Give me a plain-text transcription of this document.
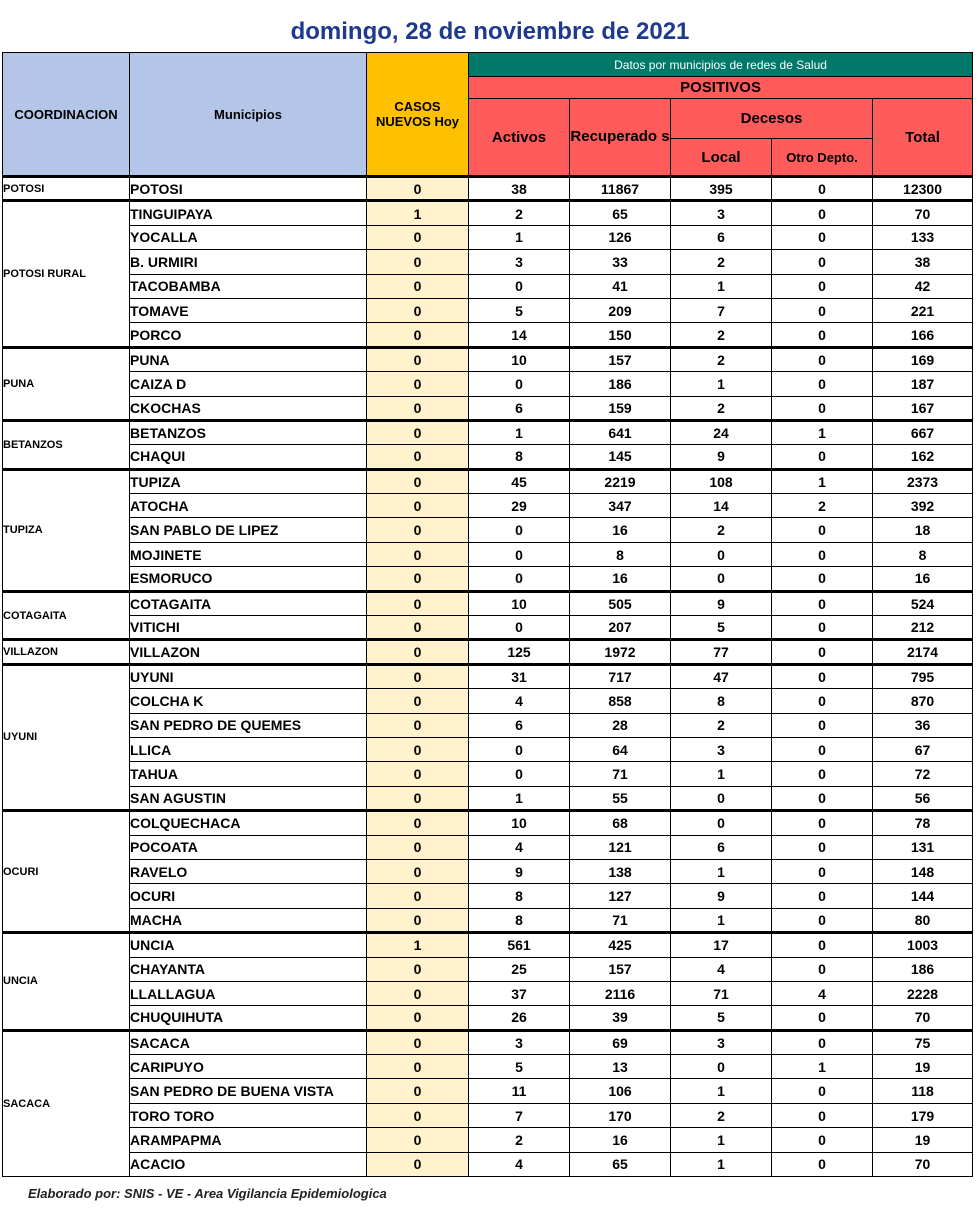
domingo, 28 de noviembre de 2021
COORDINACION	Municipios	CASOS NUEVOS Hoy	Datos por municipios de redes de Salud				
			POSITIVOS				
			Activos	Recuperado s	Decesos		Total
					Local	Otro Depto.	
POTOSI	POTOSI	0	38	11867	395	0	12300
POTOSI RURAL	TINGUIPAYA	1	2	65	3	0	70
	YOCALLA	0	1	126	6	0	133
	B. URMIRI	0	3	33	2	0	38
	TACOBAMBA	0	0	41	1	0	42
	TOMAVE	0	5	209	7	0	221
	PORCO	0	14	150	2	0	166
PUNA	PUNA	0	10	157	2	0	169
	CAIZA D	0	0	186	1	0	187
	CKOCHAS	0	6	159	2	0	167
BETANZOS	BETANZOS	0	1	641	24	1	667
	CHAQUI	0	8	145	9	0	162
TUPIZA	TUPIZA	0	45	2219	108	1	2373
	ATOCHA	0	29	347	14	2	392
	SAN PABLO DE LIPEZ	0	0	16	2	0	18
	MOJINETE	0	0	8	0	0	8
	ESMORUCO	0	0	16	0	0	16
COTAGAITA	COTAGAITA	0	10	505	9	0	524
	VITICHI	0	0	207	5	0	212
VILLAZON	VILLAZON	0	125	1972	77	0	2174
UYUNI	UYUNI	0	31	717	47	0	795
	COLCHA K	0	4	858	8	0	870
	SAN PEDRO DE QUEMES	0	6	28	2	0	36
	LLICA	0	0	64	3	0	67
	TAHUA	0	0	71	1	0	72
	SAN AGUSTIN	0	1	55	0	0	56
OCURI	COLQUECHACA	0	10	68	0	0	78
	POCOATA	0	4	121	6	0	131
	RAVELO	0	9	138	1	0	148
	OCURI	0	8	127	9	0	144
	MACHA	0	8	71	1	0	80
UNCIA	UNCIA	1	561	425	17	0	1003
	CHAYANTA	0	25	157	4	0	186
	LLALLAGUA	0	37	2116	71	4	2228
	CHUQUIHUTA	0	26	39	5	0	70
SACACA	SACACA	0	3	69	3	0	75
	CARIPUYO	0	5	13	0	1	19
	SAN PEDRO DE BUENA VISTA	0	11	106	1	0	118
	TORO TORO	0	7	170	2	0	179
	ARAMPAPMA	0	2	16	1	0	19
	ACACIO	0	4	65	1	0	70
Elaborado por: SNIS - VE - Area Vigilancia Epidemiologica
